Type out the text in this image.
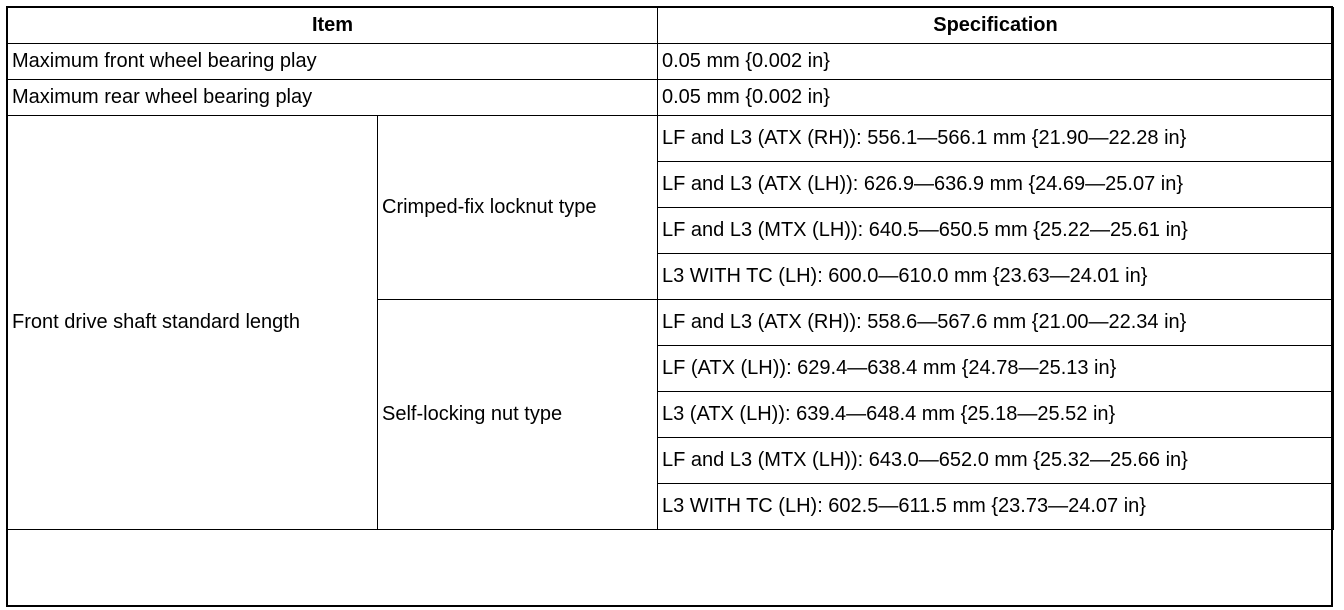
Item		Specification
Maximum front wheel bearing play		0.05 mm {0.002 in}
Maximum rear wheel bearing play		0.05 mm {0.002 in}
Front drive shaft standard length	Crimped-fix locknut type	LF and L3 (ATX (RH)): 556.1—566.1 mm {21.90—22.28 in}
		LF and L3 (ATX (LH)): 626.9—636.9 mm {24.69—25.07 in}
		LF and L3 (MTX (LH)): 640.5—650.5 mm {25.22—25.61 in}
		L3 WITH TC (LH): 600.0—610.0 mm {23.63—24.01 in}
	Self-locking nut type	LF and L3 (ATX (RH)): 558.6—567.6 mm {21.00—22.34 in}
		LF (ATX (LH)): 629.4—638.4 mm {24.78—25.13 in}
		L3 (ATX (LH)): 639.4—648.4 mm {25.18—25.52 in}
		LF and L3 (MTX (LH)): 643.0—652.0 mm {25.32—25.66 in}
		L3 WITH TC (LH): 602.5—611.5 mm {23.73—24.07 in}
